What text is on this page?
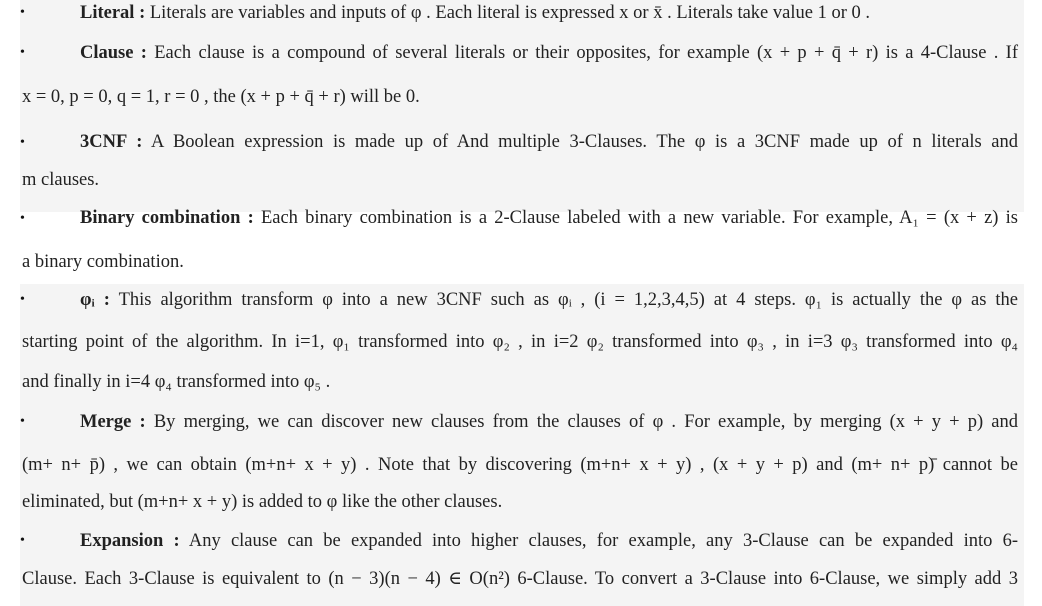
•	Literal : Literals are variables and inputs of φ . Each literal is expressed x or x̄ . Literals take value 1 or 0 .
•	Clause : Each clause is a compound of several literals or their opposites, for example (x + p + q̄ + r) is a 4-Clause . If
x = 0, p = 0, q = 1, r = 0 , the (x + p + q̄ + r) will be 0.
•	3CNF : A Boolean expression is made up of And multiple 3-Clauses. The φ is a 3CNF made up of n literals and
m clauses.
•	Binary combination : Each binary combination is a 2-Clause labeled with a new variable. For example, A₁ = (x + z) is
a binary combination.
•	φᵢ : This algorithm transform φ into a new 3CNF such as φᵢ , (i = 1,2,3,4,5) at 4 steps. φ₁ is actually the φ as the
starting point of the algorithm. In i=1, φ₁ transformed into φ₂ , in i=2 φ₂ transformed into φ₃ , in i=3 φ₃ transformed into φ₄
and finally in i=4 φ₄ transformed into φ₅ .
•	Merge : By merging, we can discover new clauses from the clauses of φ . For example, by merging (x + y + p) and
(m+ n+ p̄) , we can obtain (m+n+ x + y) . Note that by discovering (m+n+ x + y) , (x + y + p) and (m+ n+ p)̄ cannot be
eliminated, but (m+n+ x + y) is added to φ like the other clauses.
•	Expansion : Any clause can be expanded into higher clauses, for example, any 3-Clause can be expanded into 6-
Clause. Each 3-Clause is equivalent to (n − 3)(n − 4) ∈ O(n²) 6-Clause. To convert a 3-Clause into 6-Clause, we simply add 3
